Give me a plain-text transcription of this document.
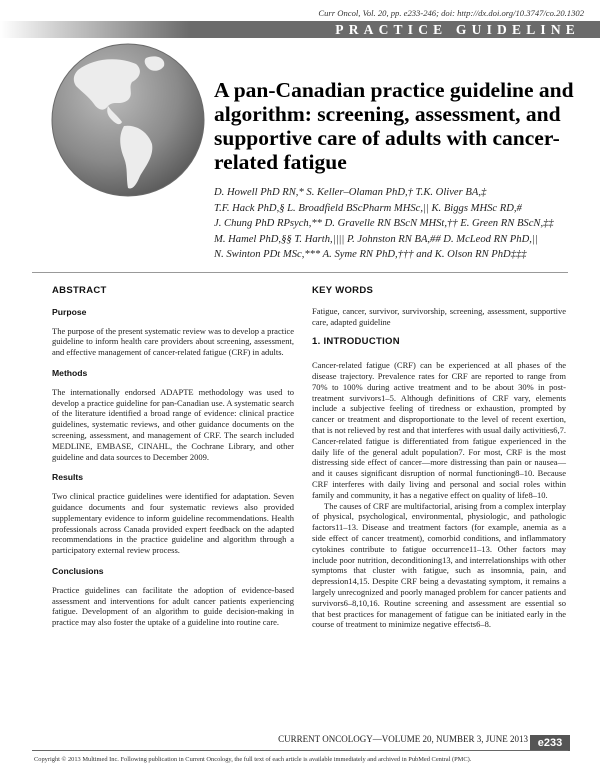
Curr Oncol, Vol. 20, pp. e233-246; doi: http://dx.doi.org/10.3747/co.20.1302
PRACTICE GUIDELINE
A pan-Canadian practice guideline and algorithm: screening, assessment, and supportive care of adults with cancer-related fatigue
D. Howell PhD RN,* S. Keller–Olaman PhD,† T.K. Oliver BA,‡
T.F. Hack PhD,§ L. Broadfield BScPharm MHSc,|| K. Biggs MHSc RD,#
J. Chung PhD RPsych,** D. Gravelle RN BScN MHSt,†† E. Green RN BScN,‡‡
M. Hamel PhD,§§ T. Harth,|||| P. Johnston RN BA,## D. McLeod RN PhD,||
N. Swinton PDt MSc,*** A. Syme RN PhD,††† and K. Olson RN PhD‡‡‡
ABSTRACT
Purpose

The purpose of the present systematic review was to develop a practice guideline to inform health care providers about screening, assessment, and effective management of cancer-related fatigue (CRF) in adults.

Methods

The internationally endorsed ADAPTE methodology was used to develop a practice guideline for pan-Canadian use. A systematic search of the literature identified a broad range of evidence: clinical practice guidelines, systematic reviews, and other guidance documents on the screening, assessment, and management of CRF. The search included MEDLINE, EMBASE, CINAHL, the Cochrane Library, and other guideline and data sources to December 2009.

Results

Two clinical practice guidelines were identified for adaptation. Seven guidance documents and four systematic reviews also provided supplementary evidence to inform guideline recommendations. Health professionals across Canada provided expert feedback on the adapted recommendations in the practice guideline and algorithm through a participatory external review process.

Conclusions

Practice guidelines can facilitate the adoption of evidence-based assessment and interventions for adult cancer patients experiencing fatigue. Development of an algorithm to guide decision-making in practice may also foster the uptake of a guideline into routine care.

KEY WORDS

Fatigue, cancer, survivor, survivorship, screening, assessment, supportive care, adapted guideline

1. INTRODUCTION

Cancer-related fatigue (CRF) can be experienced at all phases of the disease trajectory. Prevalence rates for CRF are reported to range from 70% to 100% during active treatment and to be about 30% in post-treatment survivors1–5. Although definitions of CRF vary, elements include a subjective feeling of tiredness or exhaustion, prompted by cancer or treatment and disproportionate to the level of recent exertion, that is not relieved by rest and that interferes with usual daily activities6,7. Cancer-related fatigue is differentiated from fatigue experienced in the daily life of the general adult population7. For most, CRF is the most distressing side effect of cancer—more distressing than pain or nausea—and it causes significant disruption of normal functioning8–10. Because CRF interferes with daily living and personal and social roles within family and community, it has a negative effect on quality of life8–10.

The causes of CRF are multifactorial, arising from a complex interplay of physical, psychological, environmental, physiologic, and pathologic factors11–13. Disease and treatment factors (for example, anemia as a side effect of cancer treatment), comorbid conditions, and inflammatory cytokines contribute to fatigue occurrence11–13. Other factors may include poor nutrition, deconditioning13, and interrelationships with other symptoms that cluster with fatigue, such as insomnia, pain, and depression14,15. Despite CRF being a devastating symptom, it remains a largely unrecognized and poorly managed problem for cancer patients and survivors6–8,10,16. Routine screening and assessment are essential so that best practices for management of fatigue can be initiated early in the course of treatment to minimize negative effects6–8.

CURRENT ONCOLOGY—VOLUME 20, NUMBER 3, JUNE 2013 e233
Copyright © 2013 Multimed Inc. Following publication in Current Oncology, the full text of each article is available immediately and archived in PubMed Central (PMC).
